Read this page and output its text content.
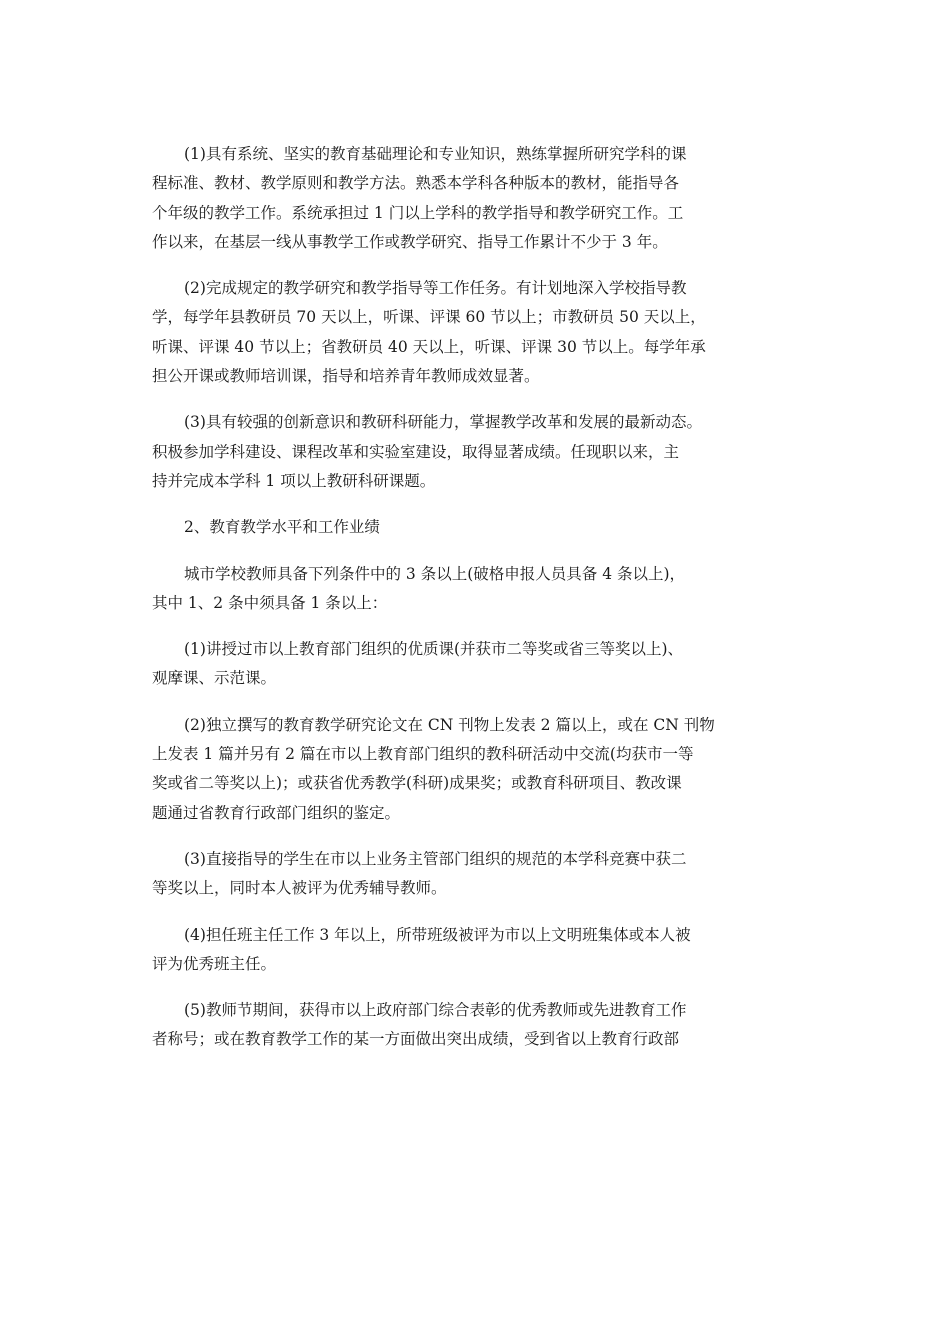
(1)具有系统、坚实的教育基础理论和专业知识，熟练掌握所研究学科的课
程标准、教材、教学原则和教学方法。熟悉本学科各种版本的教材，能指导各
个年级的教学工作。系统承担过 1 门以上学科的教学指导和教学研究工作。工
作以来，在基层一线从事教学工作或教学研究、指导工作累计不少于 3 年。
(2)完成规定的教学研究和教学指导等工作任务。有计划地深入学校指导教
学，每学年县教研员 70 天以上，听课、评课 60 节以上；市教研员 50 天以上，
听课、评课 40 节以上；省教研员 40 天以上，听课、评课 30 节以上。每学年承
担公开课或教师培训课，指导和培养青年教师成效显著。
(3)具有较强的创新意识和教研科研能力，掌握教学改革和发展的最新动态。
积极参加学科建设、课程改革和实验室建设，取得显著成绩。任现职以来，主
持并完成本学科 1 项以上教研科研课题。
2、教育教学水平和工作业绩
城市学校教师具备下列条件中的 3 条以上(破格申报人员具备 4 条以上)，
其中 1、2 条中须具备 1 条以上：
(1)讲授过市以上教育部门组织的优质课(并获市二等奖或省三等奖以上)、
观摩课、示范课。
(2)独立撰写的教育教学研究论文在 CN 刊物上发表 2 篇以上，或在 CN 刊物
上发表 1 篇并另有 2 篇在市以上教育部门组织的教科研活动中交流(均获市一等
奖或省二等奖以上)；或获省优秀教学(科研)成果奖；或教育科研项目、教改课
题通过省教育行政部门组织的鉴定。
(3)直接指导的学生在市以上业务主管部门组织的规范的本学科竞赛中获二
等奖以上，同时本人被评为优秀辅导教师。
(4)担任班主任工作 3 年以上，所带班级被评为市以上文明班集体或本人被
评为优秀班主任。
(5)教师节期间，获得市以上政府部门综合表彰的优秀教师或先进教育工作
者称号；或在教育教学工作的某一方面做出突出成绩，受到省以上教育行政部
